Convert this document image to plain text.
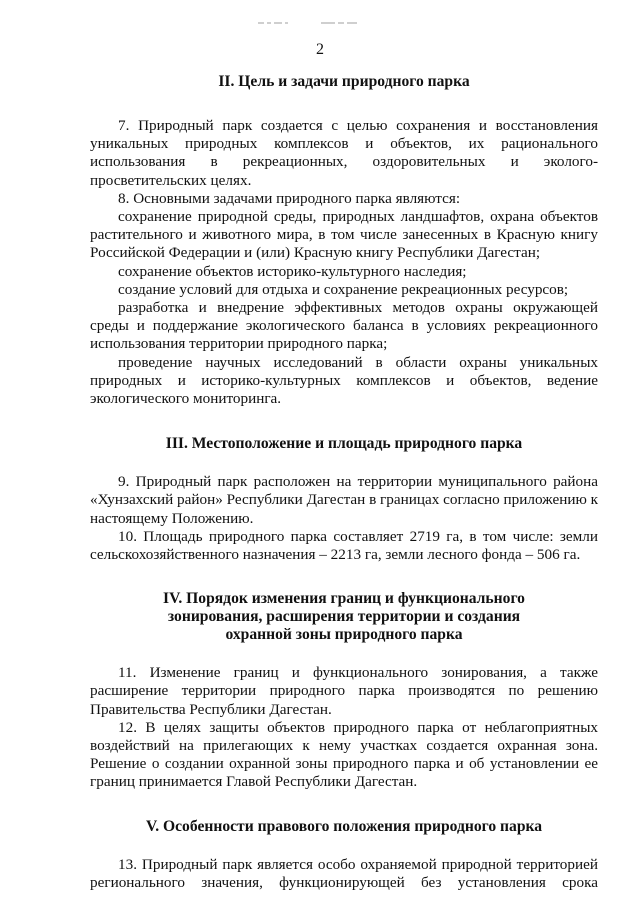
2
II. Цель и задачи природного парка

7. Природный парк создается с целью сохранения и восстановления уникальных природных комплексов и объектов, их рационального использования в рекреационных, оздоровительных и эколого-просветительских целях.

8. Основными задачами природного парка являются:

сохранение природной среды, природных ландшафтов, охрана объектов растительного и животного мира, в том числе занесенных в Красную книгу Российской Федерации и (или) Красную книгу Республики Дагестан;

сохранение объектов историко-культурного наследия;

создание условий для отдыха и сохранение рекреационных ресурсов;

разработка и внедрение эффективных методов охраны окружающей среды и поддержание экологического баланса в условиях рекреационного использования территории природного парка;

проведение научных исследований в области охраны уникальных природных и историко-культурных комплексов и объектов, ведение экологического мониторинга.

III. Местоположение и площадь природного парка

9. Природный парк расположен на территории муниципального района «Хунзахский район» Республики Дагестан в границах согласно приложению к настоящему Положению.

10. Площадь природного парка составляет 2719 га, в том числе: земли сельскохозяйственного назначения – 2213 га, земли лесного фонда – 506 га.

IV. Порядок изменения границ и функционального
зонирования, расширения территории и создания
охранной зоны природного парка

11. Изменение границ и функционального зонирования, а также расширение территории природного парка производятся по решению Правительства Республики Дагестан.

12. В целях защиты объектов природного парка от неблагоприятных воздействий на прилегающих к нему участках создается охранная зона. Решение о создании охранной зоны природного парка и об установлении ее границ принимается Главой Республики Дагестан.

V. Особенности правового положения природного парка

13. Природный парк является особо охраняемой природной территорией регионального значения, функционирующей без установления срока
